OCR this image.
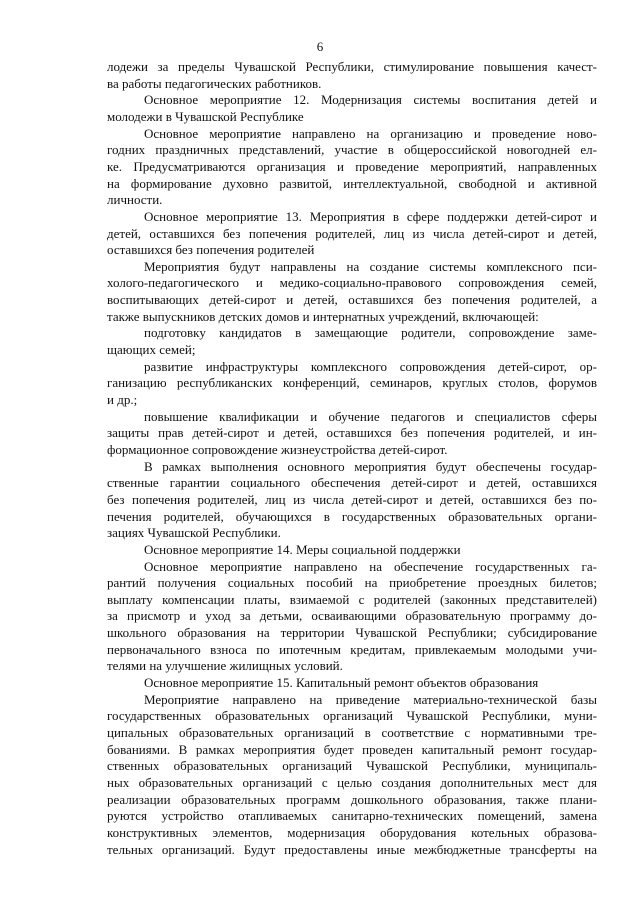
6
лодежи за пределы Чувашской Республики, стимулирование повышения качест-
ва работы педагогических работников.
Основное мероприятие 12. Модернизация системы воспитания детей и
молодежи в Чувашской Республике
Основное мероприятие направлено на организацию и проведение ново-
годних праздничных представлений, участие в общероссийской новогодней ел-
ке. Предусматриваются организация и проведение мероприятий, направленных
на формирование духовно развитой, интеллектуальной, свободной и активной
личности.
Основное мероприятие 13. Мероприятия в сфере поддержки детей-сирот и
детей, оставшихся без попечения родителей, лиц из числа детей-сирот и детей,
оставшихся без попечения родителей
Мероприятия будут направлены на создание системы комплексного пси-
холого-педагогического и медико-социально-правового сопровождения семей,
воспитывающих детей-сирот и детей, оставшихся без попечения родителей, а
также выпускников детских домов и интернатных учреждений, включающей:
подготовку кандидатов в замещающие родители, сопровождение заме-
щающих семей;
развитие инфраструктуры комплексного сопровождения детей-сирот, ор-
ганизацию республиканских конференций, семинаров, круглых столов, форумов
и др.;
повышение квалификации и обучение педагогов и специалистов сферы
защиты прав детей-сирот и детей, оставшихся без попечения родителей, и ин-
формационное сопровождение жизнеустройства детей-сирот.
В рамках выполнения основного мероприятия будут обеспечены государ-
ственные гарантии социального обеспечения детей-сирот и детей, оставшихся
без попечения родителей, лиц из числа детей-сирот и детей, оставшихся без по-
печения родителей, обучающихся в государственных образовательных органи-
зациях Чувашской Республики.
Основное мероприятие 14. Меры социальной поддержки
Основное мероприятие направлено на обеспечение государственных га-
рантий получения социальных пособий на приобретение проездных билетов;
выплату компенсации платы, взимаемой с родителей (законных представителей)
за присмотр и уход за детьми, осваивающими образовательную программу до-
школьного образования на территории Чувашской Республики; субсидирование
первоначального взноса по ипотечным кредитам, привлекаемым молодыми учи-
телями на улучшение жилищных условий.
Основное мероприятие 15. Капитальный ремонт объектов образования
Мероприятие направлено на приведение материально-технической базы
государственных образовательных организаций Чувашской Республики, муни-
ципальных образовательных организаций в соответствие с нормативными тре-
бованиями. В рамках мероприятия будет проведен капитальный ремонт государ-
ственных образовательных организаций Чувашской Республики, муниципаль-
ных образовательных организаций с целью создания дополнительных мест для
реализации образовательных программ дошкольного образования, также плани-
руются устройство отапливаемых санитарно-технических помещений, замена
конструктивных элементов, модернизация оборудования котельных образова-
тельных организаций. Будут предоставлены иные межбюджетные трансферты на
